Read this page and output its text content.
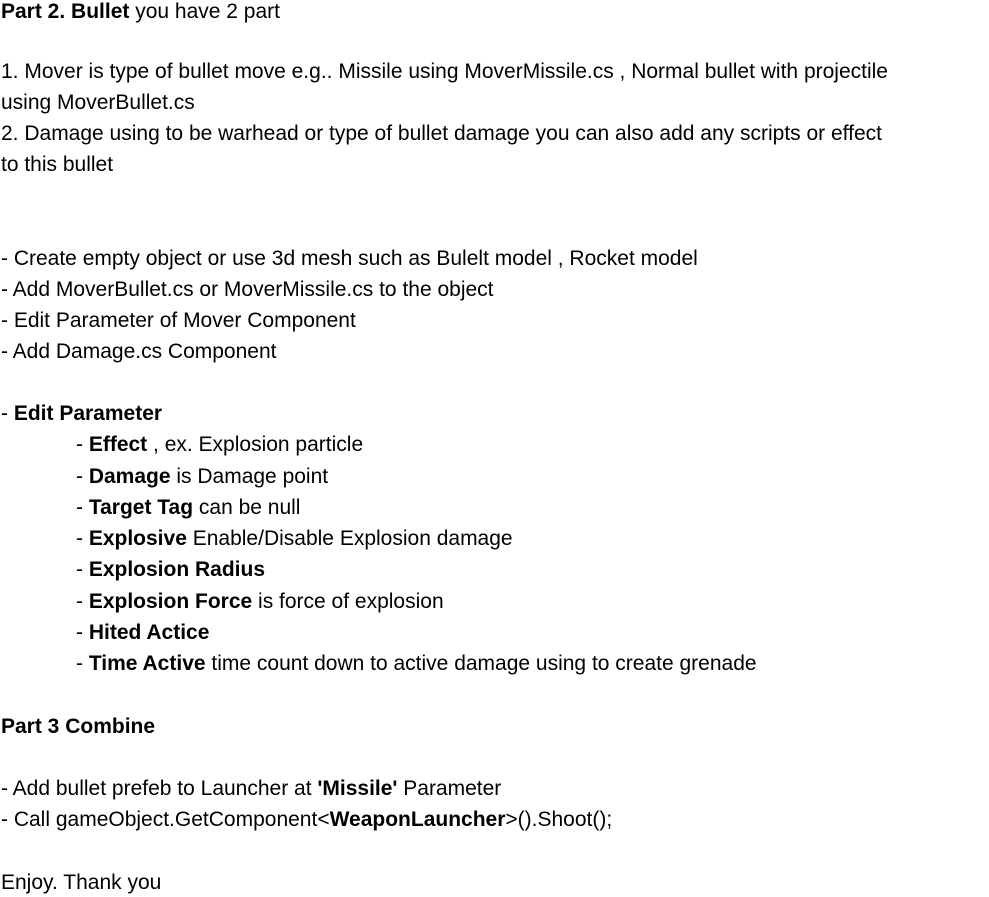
Part 2. Bullet you have 2 part
1. Mover is type of bullet move e.g.. Missile using MoverMissile.cs , Normal bullet with projectile
using MoverBullet.cs
2. Damage using to be warhead or type of bullet damage you can also add any scripts or effect
to this bullet
- Create empty object or use 3d mesh such as Bulelt model , Rocket model
- Add MoverBullet.cs or MoverMissile.cs to the object
- Edit Parameter of Mover Component
- Add Damage.cs Component
- Edit Parameter
- Effect , ex. Explosion particle
- Damage is Damage point
- Target Tag can be null
- Explosive Enable/Disable Explosion damage
- Explosion Radius
- Explosion Force is force of explosion
- Hited Actice
- Time Active time count down to active damage using to create grenade
Part 3 Combine
- Add bullet prefeb to Launcher at 'Missile' Parameter
- Call gameObject.GetComponent<WeaponLauncher>().Shoot();
Enjoy. Thank you
